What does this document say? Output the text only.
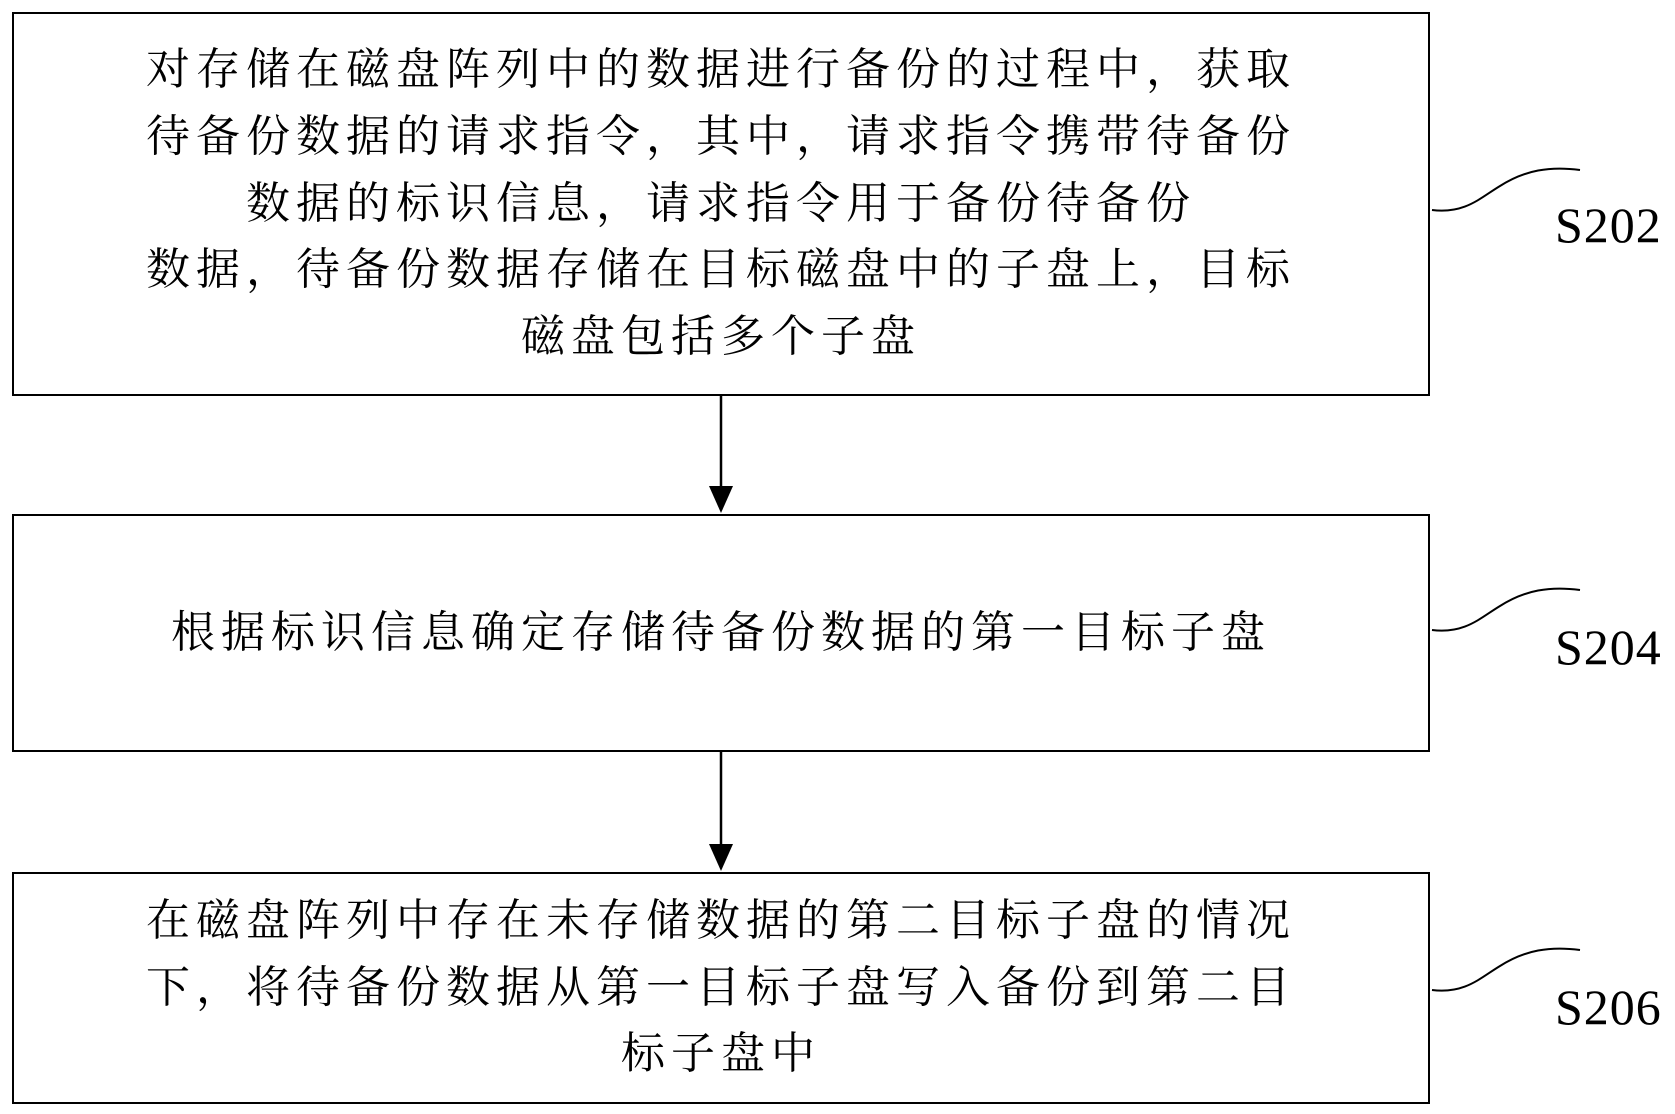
对存储在磁盘阵列中的数据进行备份的过程中，获取
待备份数据的请求指令，其中，请求指令携带待备份
数据的标识信息，请求指令用于备份待备份
数据，待备份数据存储在目标磁盘中的子盘上，目标
磁盘包括多个子盘
根据标识信息确定存储待备份数据的第一目标子盘
在磁盘阵列中存在未存储数据的第二目标子盘的情况
下，将待备份数据从第一目标子盘写入备份到第二目
标子盘中
S202
S204
S206
